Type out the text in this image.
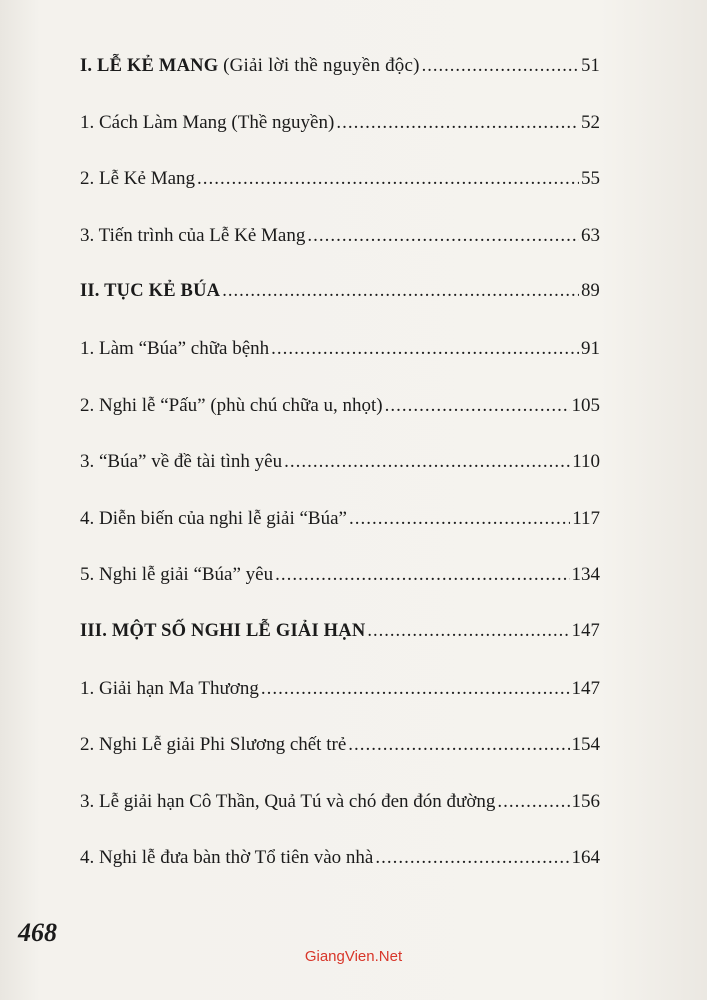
I. LỄ KẺ MANG (Giải lời thề nguyền độc) .....	51
1. Cách Làm Mang (Thề nguyền) .....	52
2. Lễ Kẻ Mang .....	55
3. Tiến trình của Lễ Kẻ Mang .....	63
II. TỤC KẺ BÚA .....	89
1. Làm “Búa” chữa bệnh .....	91
2. Nghi lễ “Pấu” (phù chú chữa u, nhọt) .....	105
3. “Búa” về đề tài tình yêu .....	110
4. Diễn biến của nghi lễ giải “Búa” .....	117
5. Nghi lễ giải “Búa” yêu .....	134
III. MỘT SỐ NGHI LỄ GIẢI HẠN .....	147
1. Giải hạn Ma Thương .....	147
2. Nghi Lễ giải Phi Slương chết trẻ .....	154
3. Lễ giải hạn Cô Thần, Quả Tú và chó đen đón đường .....	156
4. Nghi lễ đưa bàn thờ Tổ tiên vào nhà .....	164
468
GiangVien.Net
